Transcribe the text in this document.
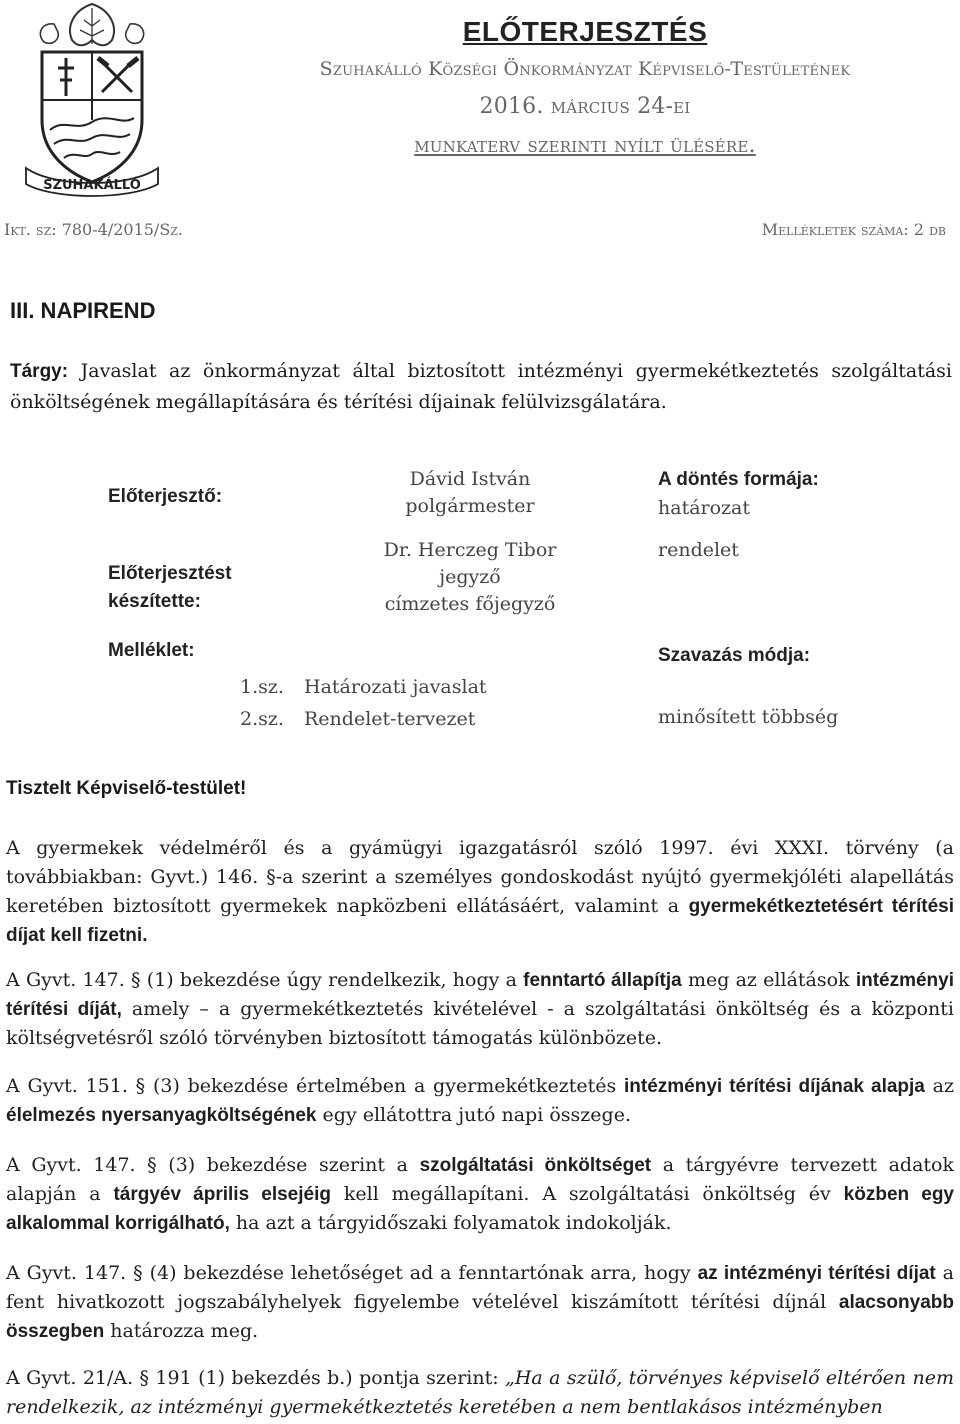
SZUHAKÁLLÓ
ELŐTERJESZTÉS
Szuhakálló Községi Önkormányzat Képviselő-Testületének
2016. március 24-ei
munkaterv szerinti nyílt ülésére.
Ikt. sz: 780-4/2015/Sz.	Mellékletek száma: 2 db
III. NAPIREND
Tárgy: Javaslat az önkormányzat által biztosított intézményi gyermekétkeztetés szolgáltatási önköltségének megállapítására és térítési díjainak felülvizsgálatára.
Előterjesztő:
Dávid István
polgármester
Előterjesztést
készítette:
Dr. Herczeg Tibor
jegyző
címzetes főjegyző
Melléklet:
1.sz. Határozati javaslat
2.sz. Rendelet-tervezet
A döntés formája:
határozat
rendelet
Szavazás módja:
minősített többség
Tisztelt Képviselő-testület!
A gyermekek védelméről és a gyámügyi igazgatásról szóló 1997. évi XXXI. törvény (a továbbiakban: Gyvt.) 146. §-a szerint a személyes gondoskodást nyújtó gyermekjóléti alapellátás keretében biztosított gyermekek napközbeni ellátásáért, valamint a gyermekétkeztetésért térítési díjat kell fizetni.
A Gyvt. 147. § (1) bekezdése úgy rendelkezik, hogy a fenntartó állapítja meg az ellátások intézményi térítési díját, amely – a gyermekétkeztetés kivételével - a szolgáltatási önköltség és a központi költségvetésről szóló törvényben biztosított támogatás különbözete.
A Gyvt. 151. § (3) bekezdése értelmében a gyermekétkeztetés intézményi térítési díjának alapja az élelmezés nyersanyagköltségének egy ellátottra jutó napi összege.
A Gyvt. 147. § (3) bekezdése szerint a szolgáltatási önköltséget a tárgyévre tervezett adatok alapján a tárgyév április elsejéig kell megállapítani. A szolgáltatási önköltség év közben egy alkalommal korrigálható, ha azt a tárgyidőszaki folyamatok indokolják.
A Gyvt. 147. § (4) bekezdése lehetőséget ad a fenntartónak arra, hogy az intézményi térítési díjat a fent hivatkozott jogszabályhelyek figyelembe vételével kiszámított térítési díjnál alacsonyabb összegben határozza meg.
A Gyvt. 21/A. § 191 (1) bekezdés b.) pontja szerint: „Ha a szülő, törvényes képviselő eltérően nem rendelkezik, az intézményi gyermekétkeztetés keretében a nem bentlakásos intézményben
